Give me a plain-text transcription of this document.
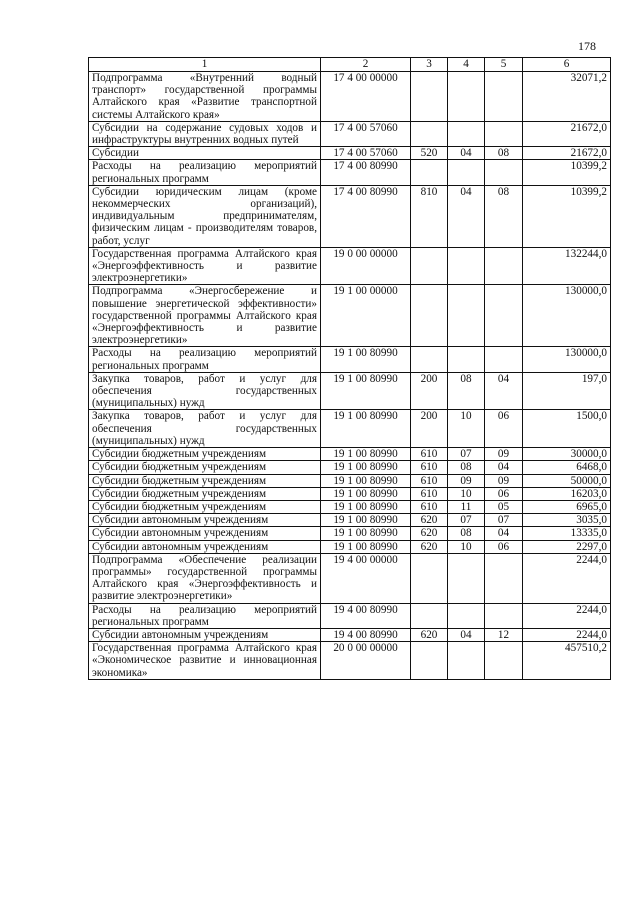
178
1	2	3	4	5	6
Подпрограмма «Внутренний водный транспорт» государственной программы Алтайского края «Развитие транспортной системы Алтайского края»	17 4 00 00000				32071,2
Субсидии на содержание судовых ходов и инфраструктуры внутренних водных путей	17 4 00 57060				21672,0
Субсидии	17 4 00 57060	520	04	08	21672,0
Расходы на реализацию мероприятий региональных программ	17 4 00 80990				10399,2
Субсидии юридическим лицам (кроме некоммерческих организаций), индивидуальным предпринимателям, физическим лицам - производителям товаров, работ, услуг	17 4 00 80990	810	04	08	10399,2
Государственная программа Алтайского края «Энергоэффективность и развитие электроэнергетики»	19 0 00 00000				132244,0
Подпрограмма «Энергосбережение и повышение энергетической эффективности» государственной программы Алтайского края «Энергоэффективность и развитие электроэнергетики»	19 1 00 00000				130000,0
Расходы на реализацию мероприятий региональных программ	19 1 00 80990				130000,0
Закупка товаров, работ и услуг для обеспечения государственных (муниципальных) нужд	19 1 00 80990	200	08	04	197,0
Закупка товаров, работ и услуг для обеспечения государственных (муниципальных) нужд	19 1 00 80990	200	10	06	1500,0
Субсидии бюджетным учреждениям	19 1 00 80990	610	07	09	30000,0
Субсидии бюджетным учреждениям	19 1 00 80990	610	08	04	6468,0
Субсидии бюджетным учреждениям	19 1 00 80990	610	09	09	50000,0
Субсидии бюджетным учреждениям	19 1 00 80990	610	10	06	16203,0
Субсидии бюджетным учреждениям	19 1 00 80990	610	11	05	6965,0
Субсидии автономным учреждениям	19 1 00 80990	620	07	07	3035,0
Субсидии автономным учреждениям	19 1 00 80990	620	08	04	13335,0
Субсидии автономным учреждениям	19 1 00 80990	620	10	06	2297,0
Подпрограмма «Обеспечение реализации программы» государственной программы Алтайского края «Энергоэффективность и развитие электроэнергетики»	19 4 00 00000				2244,0
Расходы на реализацию мероприятий региональных программ	19 4 00 80990				2244,0
Субсидии автономным учреждениям	19 4 00 80990	620	04	12	2244,0
Государственная программа Алтайского края «Экономическое развитие и инновационная экономика»	20 0 00 00000				457510,2
